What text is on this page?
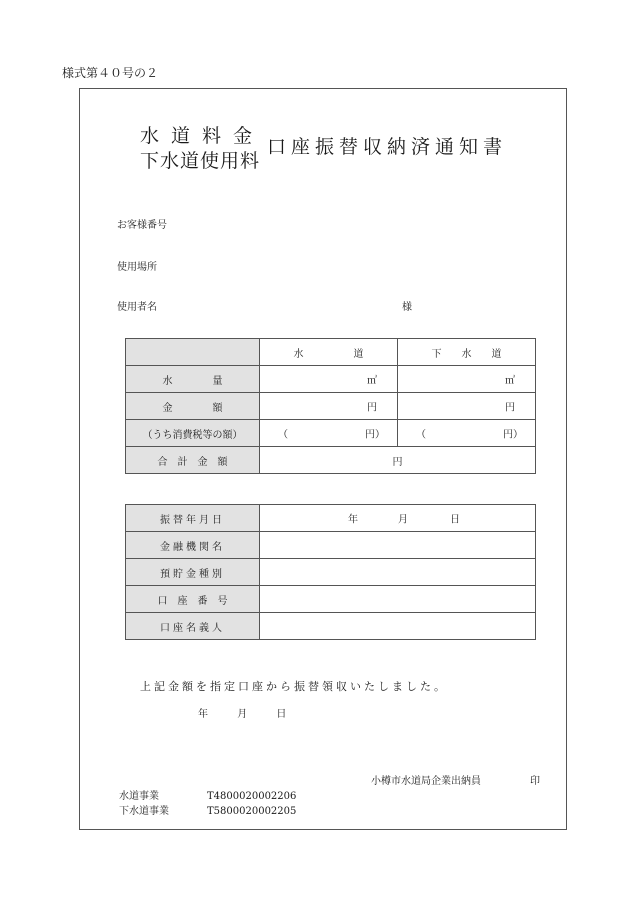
様式第４０号の２
水道料金
下水道使用料
口座振替収納済通知書
お客様番号
使用場所
使用者名	様
	水　　　　　道	下　　水　　道
水　　　　量	㎥	㎥

金　　　　額	円	円

（うち消費税等の額）	（ 円）	（ 円）

合　計　金　額	円	
振替年月日	年 月 日

金融機関名	
預貯金種別	
口　座　番　号	
口座名義人	
上記金額を指定口座から振替領収いたしました。
年	月	日
小樽市水道局企業出納員	印
水道事業	T4800020002206
下水道事業	T5800020002205
